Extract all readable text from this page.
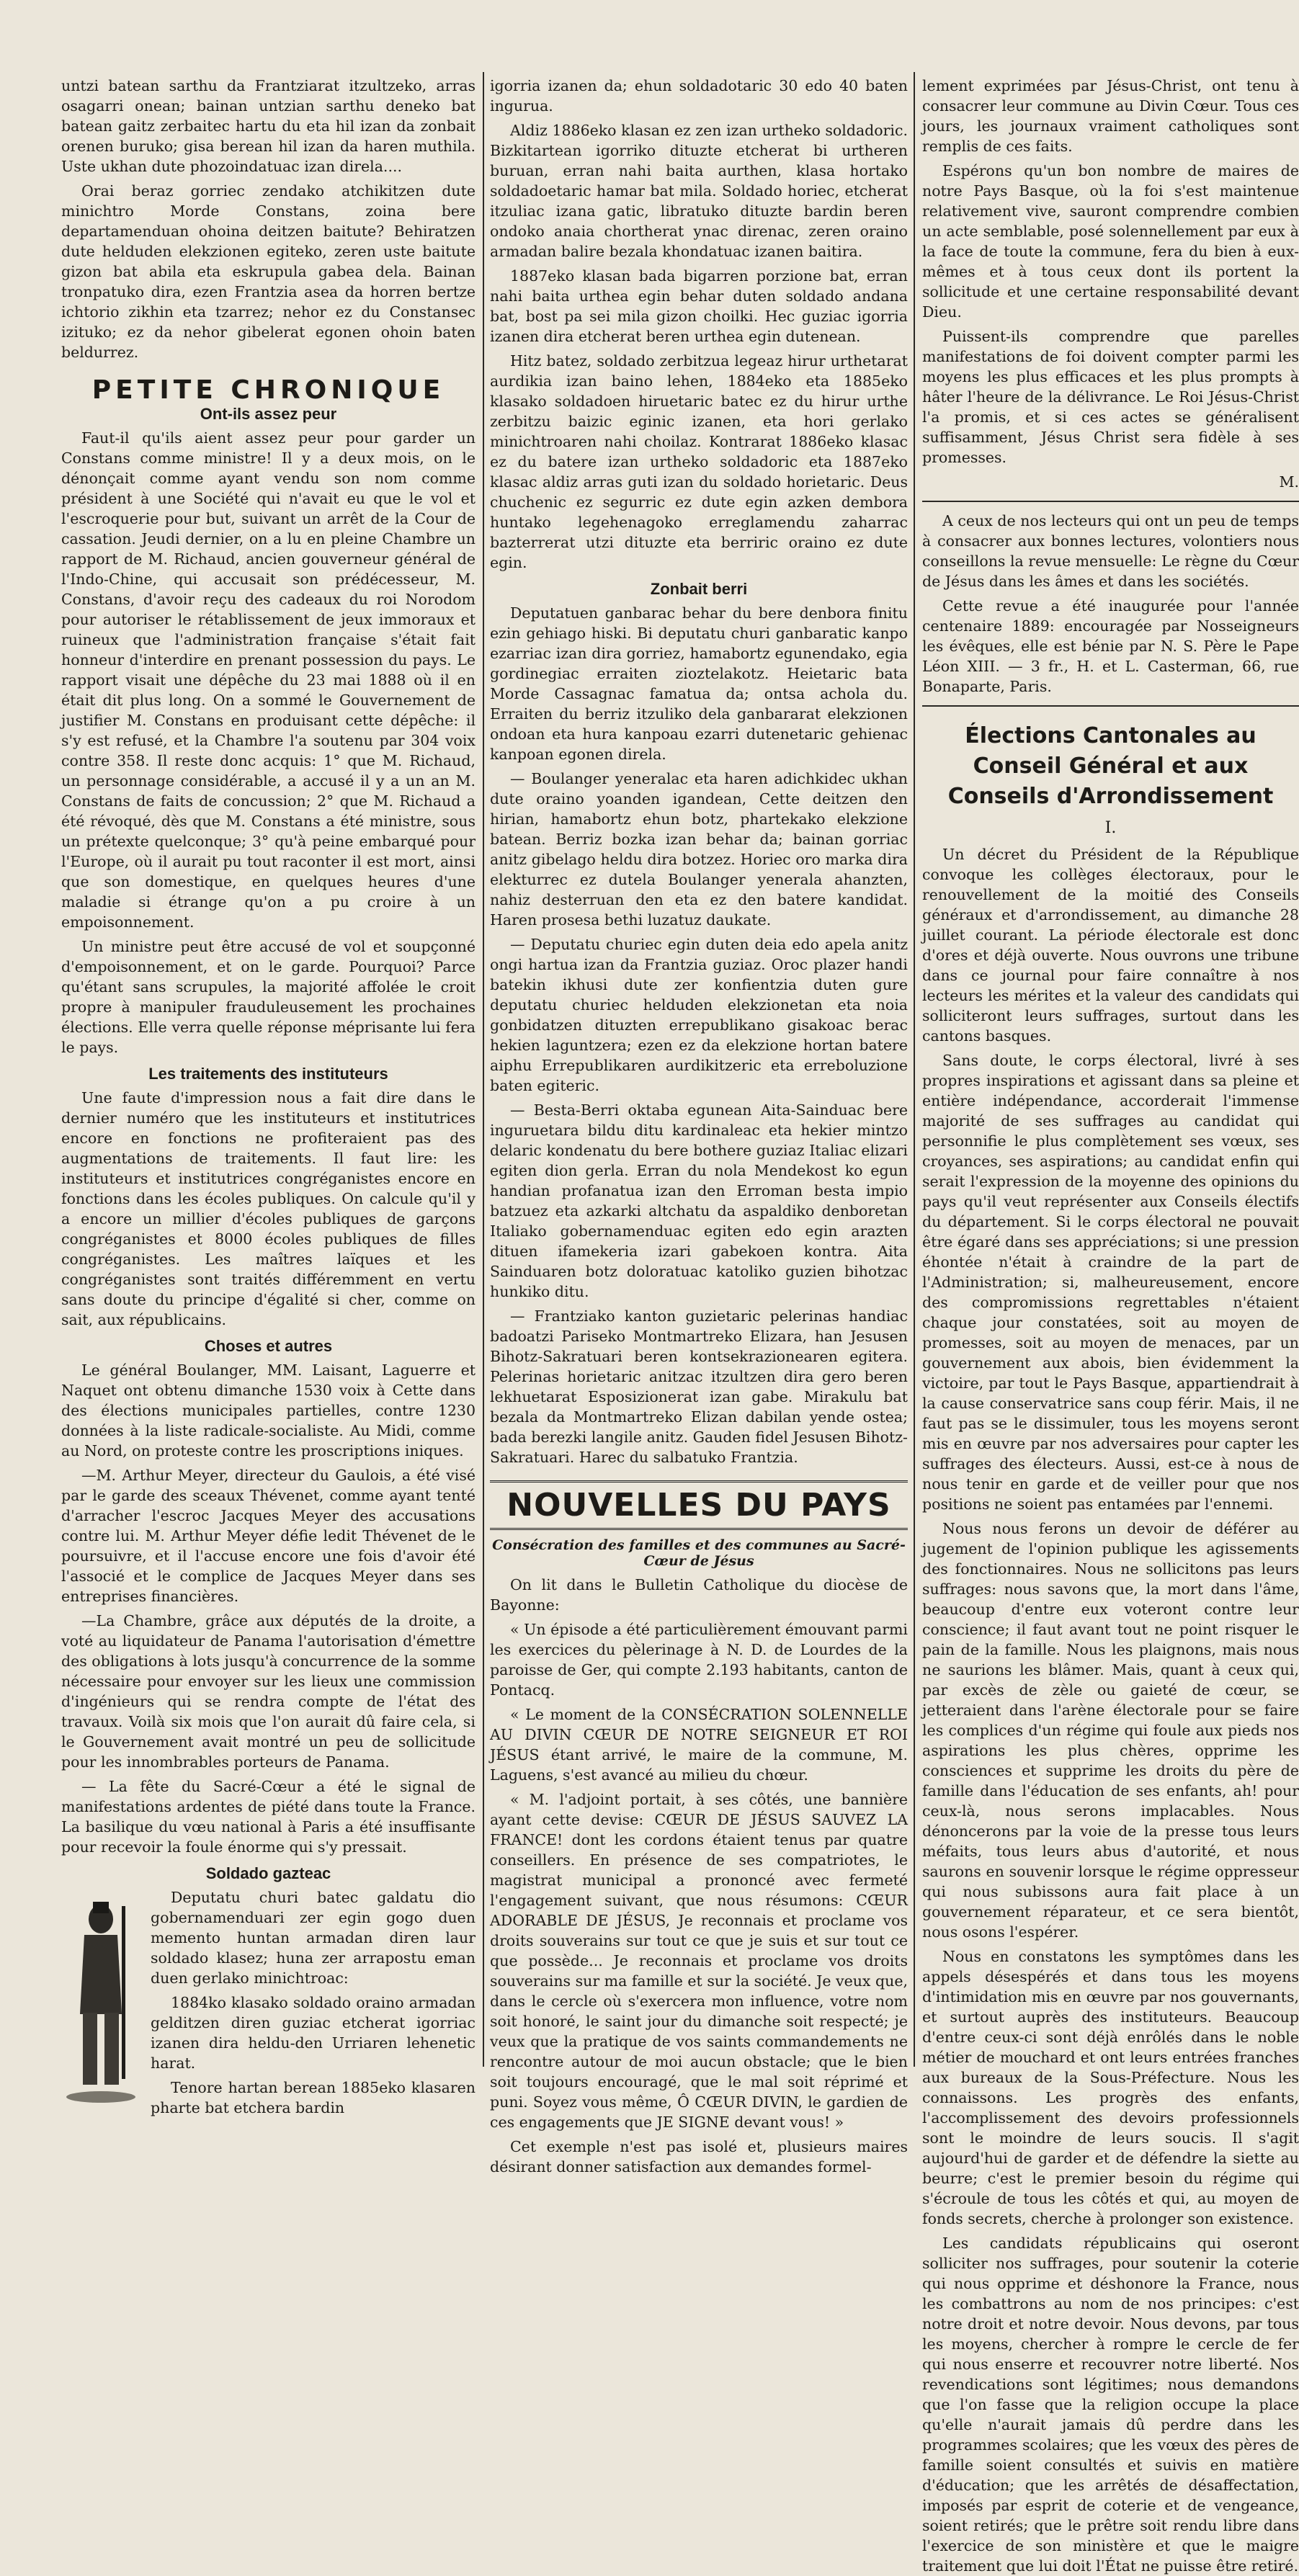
untzi batean sarthu da Frantziarat itzultzeko, arras osagarri onean; bainan untzian sarthu deneko bat batean gaitz zerbaitec hartu du eta hil izan da zonbait orenen buruko; gisa berean hil izan da haren muthila. Uste ukhan dute phozoindatuac izan direla....

Orai beraz gorriec zendako atchikitzen dute minichtro Morde Constans, zoina bere departamenduan ohoina deitzen baitute? Behiratzen dute helduden elekzionen egiteko, zeren uste baitute gizon bat abila eta eskrupula gabea dela. Bainan tronpatuko dira, ezen Frantzia asea da horren bertze ichtorio zikhin eta tzarrez; nehor ez du Constansec izituko; ez da nehor gibelerat egonen ohoin baten beldurrez.

PETITE CHRONIQUE
Ont-ils assez peur

Faut-il qu'ils aient assez peur pour garder un Constans comme ministre! Il y a deux mois, on le dénonçait comme ayant vendu son nom comme président à une Société qui n'avait eu que le vol et l'escroquerie pour but, suivant un arrêt de la Cour de cassation. Jeudi dernier, on a lu en pleine Chambre un rapport de M. Richaud, ancien gouverneur général de l'Indo-Chine, qui accusait son prédécesseur, M. Constans, d'avoir reçu des cadeaux du roi Norodom pour autoriser le rétablissement de jeux immoraux et ruineux que l'administration française s'était fait honneur d'interdire en prenant possession du pays. Le rapport visait une dépêche du 23 mai 1888 où il en était dit plus long. On a sommé le Gouvernement de justifier M. Constans en produisant cette dépêche: il s'y est refusé, et la Chambre l'a soutenu par 304 voix contre 358. Il reste donc acquis: 1° que M. Richaud, un personnage considérable, a accusé il y a un an M. Constans de faits de concussion; 2° que M. Richaud a été révoqué, dès que M. Constans a été ministre, sous un prétexte quelconque; 3° qu'à peine embarqué pour l'Europe, où il aurait pu tout raconter il est mort, ainsi que son domestique, en quelques heures d'une maladie si étrange qu'on a pu croire à un empoisonnement.

Un ministre peut être accusé de vol et soupçonné d'empoisonnement, et on le garde. Pourquoi? Parce qu'étant sans scrupules, la majorité affolée le croit propre à manipuler frauduleusement les prochaines élections. Elle verra quelle réponse méprisante lui fera le pays.

Les traitements des instituteurs

Une faute d'impression nous a fait dire dans le dernier numéro que les instituteurs et institutrices encore en fonctions ne profiteraient pas des augmentations de traitements. Il faut lire: les instituteurs et institutrices congréganistes encore en fonctions dans les écoles publiques. On calcule qu'il y a encore un millier d'écoles publiques de garçons congréganistes et 8000 écoles publiques de filles congréganistes. Les maîtres laïques et les congréganistes sont traités différemment en vertu sans doute du principe d'égalité si cher, comme on sait, aux républicains.

Choses et autres

Le général Boulanger, MM. Laisant, Laguerre et Naquet ont obtenu dimanche 1530 voix à Cette dans des élections municipales partielles, contre 1230 données à la liste radicale-socialiste. Au Midi, comme au Nord, on proteste contre les proscriptions iniques.

—M. Arthur Meyer, directeur du Gaulois, a été visé par le garde des sceaux Thévenet, comme ayant tenté d'arracher l'escroc Jacques Meyer des accusations contre lui. M. Arthur Meyer défie ledit Thévenet de le poursuivre, et il l'accuse encore une fois d'avoir été l'associé et le complice de Jacques Meyer dans ses entreprises financières.

—La Chambre, grâce aux députés de la droite, a voté au liquidateur de Panama l'autorisation d'émettre des obligations à lots jusqu'à concurrence de la somme nécessaire pour envoyer sur les lieux une commission d'ingénieurs qui se rendra compte de l'état des travaux. Voilà six mois que l'on aurait dû faire cela, si le Gouvernement avait montré un peu de sollicitude pour les innombrables porteurs de Panama.

— La fête du Sacré-Cœur a été le signal de manifestations ardentes de piété dans toute la France. La basilique du vœu national à Paris a été insuffisante pour recevoir la foule énorme qui s'y pressait.

Soldado gazteac

Deputatu churi batec galdatu dio gobernamenduari zer egin gogo duen memento huntan armadan diren laur soldado klasez; huna zer arrapostu eman duen gerlako minichtroac:

1884ko klasako soldado oraino armadan gelditzen diren guziac etcherat igorriac izanen dira heldu-den Urriaren lehenetic harat.

Tenore hartan berean 1885eko klasaren pharte bat etchera bardin

igorria izanen da; ehun soldadotaric 30 edo 40 baten ingurua.

Aldiz 1886eko klasan ez zen izan urtheko soldadoric. Bizkitartean igorriko dituzte etcherat bi urtheren buruan, erran nahi baita aurthen, klasa hortako soldadoetaric hamar bat mila. Soldado horiec, etcherat itzuliac izana gatic, libratuko dituzte bardin beren ondoko anaia chortherat ynac direnac, zeren oraino armadan balire bezala khondatuac izanen baitira.

1887eko klasan bada bigarren porzione bat, erran nahi baita urthea egin behar duten soldado andana bat, bost pa sei mila gizon choilki. Hec guziac igorria izanen dira etcherat beren urthea egin dutenean.

Hitz batez, soldado zerbitzua legeaz hirur urthetarat aurdikia izan baino lehen, 1884eko eta 1885eko klasako soldadoen hiruetaric batec ez du hirur urthe zerbitzu baizic eginic izanen, eta hori gerlako minichtroaren nahi choilaz. Kontrarat 1886eko klasac ez du batere izan urtheko soldadoric eta 1887eko klasac aldiz arras guti izan du soldado horietaric. Deus chuchenic ez segurric ez dute egin azken dembora huntako legehenagoko erreglamendu zaharrac bazterrerat utzi dituzte eta berriric oraino ez dute egin.

Zonbait berri

Deputatuen ganbarac behar du bere denbora finitu ezin gehiago hiski. Bi deputatu churi ganbaratic kanpo ezarriac izan dira gorriez, hamabortz egunendako, egia gordinegiac erraiten zioztelakotz. Heietaric bata Morde Cassagnac famatua da; ontsa achola du. Erraiten du berriz itzuliko dela ganbararat elekzionen ondoan eta hura kanpoau ezarri dutenetaric gehienac kanpoan egonen direla.

— Boulanger yeneralac eta haren adichkidec ukhan dute oraino yoanden igandean, Cette deitzen den hirian, hamabortz ehun botz, phartekako elekzione batean. Berriz bozka izan behar da; bainan gorriac anitz gibelago heldu dira botzez. Horiec oro marka dira elekturrec ez dutela Boulanger yenerala ahanzten, nahiz desterruan den eta ez den batere kandidat. Haren prosesa bethi luzatuz daukate.

— Deputatu churiec egin duten deia edo apela anitz ongi hartua izan da Frantzia guziaz. Oroc plazer handi batekin ikhusi dute zer konfientzia duten gure deputatu churiec helduden elekzionetan eta noia gonbidatzen dituzten errepublikano gisakoac berac hekien laguntzera; ezen ez da elekzione hortan batere aiphu Errepublikaren aurdikitzeric eta erreboluzione baten egiteric.

— Besta-Berri oktaba egunean Aita-Sainduac bere inguruetara bildu ditu kardinaleac eta hekier mintzo delaric kondenatu du bere bothere guziaz Italiac elizari egiten dion gerla. Erran du nola Mendekost ko egun handian profanatua izan den Erroman besta impio batzuez eta azkarki altchatu da aspaldiko denboretan Italiako gobernamenduac egiten edo egin arazten dituen ifamekeria izari gabekoen kontra. Aita Sainduaren botz doloratuac katoliko guzien bihotzac hunkiko ditu.

— Frantziako kanton guzietaric pelerinas handiac badoatzi Pariseko Montmartreko Elizara, han Jesusen Bihotz-Sakratuari beren kontsekrazionearen egitera. Pelerinas horietaric anitzac itzultzen dira gero beren lekhuetarat Esposizionerat izan gabe. Mirakulu bat bezala da Montmartreko Elizan dabilan yende ostea; bada berezki langile anitz. Gauden fidel Jesusen Bihotz-Sakratuari. Harec du salbatuko Frantzia.

NOUVELLES DU PAYS
Consécration des familles et des communes au Sacré-Cœur de Jésus

On lit dans le Bulletin Catholique du diocèse de Bayonne:

« Un épisode a été particulièrement émouvant parmi les exercices du pèlerinage à N. D. de Lourdes de la paroisse de Ger, qui compte 2.193 habitants, canton de Pontacq.

« Le moment de la CONSÉCRATION SOLENNELLE AU DIVIN CŒUR DE NOTRE SEIGNEUR ET ROI JÉSUS étant arrivé, le maire de la commune, M. Laguens, s'est avancé au milieu du chœur.

« M. l'adjoint portait, à ses côtés, une bannière ayant cette devise: CŒUR DE JÉSUS SAUVEZ LA FRANCE! dont les cordons étaient tenus par quatre conseillers. En présence de ses compatriotes, le magistrat municipal a prononcé avec fermeté l'engagement suivant, que nous résumons: CŒUR ADORABLE DE JÉSUS, Je reconnais et proclame vos droits souverains sur tout ce que je suis et sur tout ce que possède... Je reconnais et proclame vos droits souverains sur ma famille et sur la société. Je veux que, dans le cercle où s'exercera mon influence, votre nom soit honoré, le saint jour du dimanche soit respecté; je veux que la pratique de vos saints commandements ne rencontre autour de moi aucun obstacle; que le bien soit toujours encouragé, que le mal soit réprimé et puni. Soyez vous même, Ô CŒUR DIVIN, le gardien de ces engagements que JE SIGNE devant vous! »

Cet exemple n'est pas isolé et, plusieurs maires désirant donner satisfaction aux demandes formel-

lement exprimées par Jésus-Christ, ont tenu à consacrer leur commune au Divin Cœur. Tous ces jours, les journaux vraiment catholiques sont remplis de ces faits.

Espérons qu'un bon nombre de maires de notre Pays Basque, où la foi s'est maintenue relativement vive, sauront comprendre combien un acte semblable, posé solennellement par eux à la face de toute la commune, fera du bien à eux-mêmes et à tous ceux dont ils portent la sollicitude et une certaine responsabilité devant Dieu.

Puissent-ils comprendre que parelles manifestations de foi doivent compter parmi les moyens les plus efficaces et les plus prompts à hâter l'heure de la délivrance. Le Roi Jésus-Christ l'a promis, et si ces actes se généralisent suffisamment, Jésus Christ sera fidèle à ses promesses.

M.

A ceux de nos lecteurs qui ont un peu de temps à consacrer aux bonnes lectures, volontiers nous conseillons la revue mensuelle: Le règne du Cœur de Jésus dans les âmes et dans les sociétés.

Cette revue a été inaugurée pour l'année centenaire 1889: encouragée par Nosseigneurs les évêques, elle est bénie par N. S. Père le Pape Léon XIII. — 3 fr., H. et L. Casterman, 66, rue Bonaparte, Paris.

Élections Cantonales au Conseil Général et aux
Conseils d'Arrondissement
I.

Un décret du Président de la République convoque les collèges électoraux, pour le renouvellement de la moitié des Conseils généraux et d'arrondissement, au dimanche 28 juillet courant. La période électorale est donc d'ores et déjà ouverte. Nous ouvrons une tribune dans ce journal pour faire connaître à nos lecteurs les mérites et la valeur des candidats qui solliciteront leurs suffrages, surtout dans les cantons basques.

Sans doute, le corps électoral, livré à ses propres inspirations et agissant dans sa pleine et entière indépendance, accorderait l'immense majorité de ses suffrages au candidat qui personnifie le plus complètement ses vœux, ses croyances, ses aspirations; au candidat enfin qui serait l'expression de la moyenne des opinions du pays qu'il veut représenter aux Conseils électifs du département. Si le corps électoral ne pouvait être égaré dans ses appréciations; si une pression éhontée n'était à craindre de la part de l'Administration; si, malheureusement, encore des compromissions regrettables n'étaient chaque jour constatées, soit au moyen de promesses, soit au moyen de menaces, par un gouvernement aux abois, bien évidemment la victoire, par tout le Pays Basque, appartiendrait à la cause conservatrice sans coup férir. Mais, il ne faut pas se le dissimuler, tous les moyens seront mis en œuvre par nos adversaires pour capter les suffrages des électeurs. Aussi, est-ce à nous de nous tenir en garde et de veiller pour que nos positions ne soient pas entamées par l'ennemi.

Nous nous ferons un devoir de déférer au jugement de l'opinion publique les agissements des fonctionnaires. Nous ne sollicitons pas leurs suffrages: nous savons que, la mort dans l'âme, beaucoup d'entre eux voteront contre leur conscience; il faut avant tout ne point risquer le pain de la famille. Nous les plaignons, mais nous ne saurions les blâmer. Mais, quant à ceux qui, par excès de zèle ou gaieté de cœur, se jetteraient dans l'arène électorale pour se faire les complices d'un régime qui foule aux pieds nos aspirations les plus chères, opprime les consciences et supprime les droits du père de famille dans l'éducation de ses enfants, ah! pour ceux-là, nous serons implacables. Nous dénoncerons par la voie de la presse tous leurs méfaits, tous leurs abus d'autorité, et nous saurons en souvenir lorsque le régime oppresseur qui nous subissons aura fait place à un gouvernement réparateur, et ce sera bientôt, nous osons l'espérer.

Nous en constatons les symptômes dans les appels désespérés et dans tous les moyens d'intimidation mis en œuvre par nos gouvernants, et surtout auprès des instituteurs. Beaucoup d'entre ceux-ci sont déjà enrôlés dans le noble métier de mouchard et ont leurs entrées franches aux bureaux de la Sous-Préfecture. Nous les connaissons. Les progrès des enfants, l'accomplissement des devoirs professionnels sont le moindre de leurs soucis. Il s'agit aujourd'hui de garder et de défendre la siette au beurre; c'est le premier besoin du régime qui s'écroule de tous les côtés et qui, au moyen de fonds secrets, cherche à prolonger son existence.

Les candidats républicains qui oseront solliciter nos suffrages, pour soutenir la coterie qui nous opprime et déshonore la France, nous les combattrons au nom de nos principes: c'est notre droit et notre devoir. Nous devons, par tous les moyens, chercher à rompre le cercle de fer qui nous enserre et recouvrer notre liberté. Nos revendications sont légitimes; nous demandons que l'on fasse que la religion occupe la place qu'elle n'aurait jamais dû perdre dans les programmes scolaires; que les vœux des pères de famille soient consultés et suivis en matière d'éducation; que les arrêtés de désaffectation, imposés par esprit de coterie et de vengeance, soient retirés; que le prêtre soit rendu libre dans l'exercice de son ministère et que le maigre traitement que lui doit l'État ne puisse être retiré.
